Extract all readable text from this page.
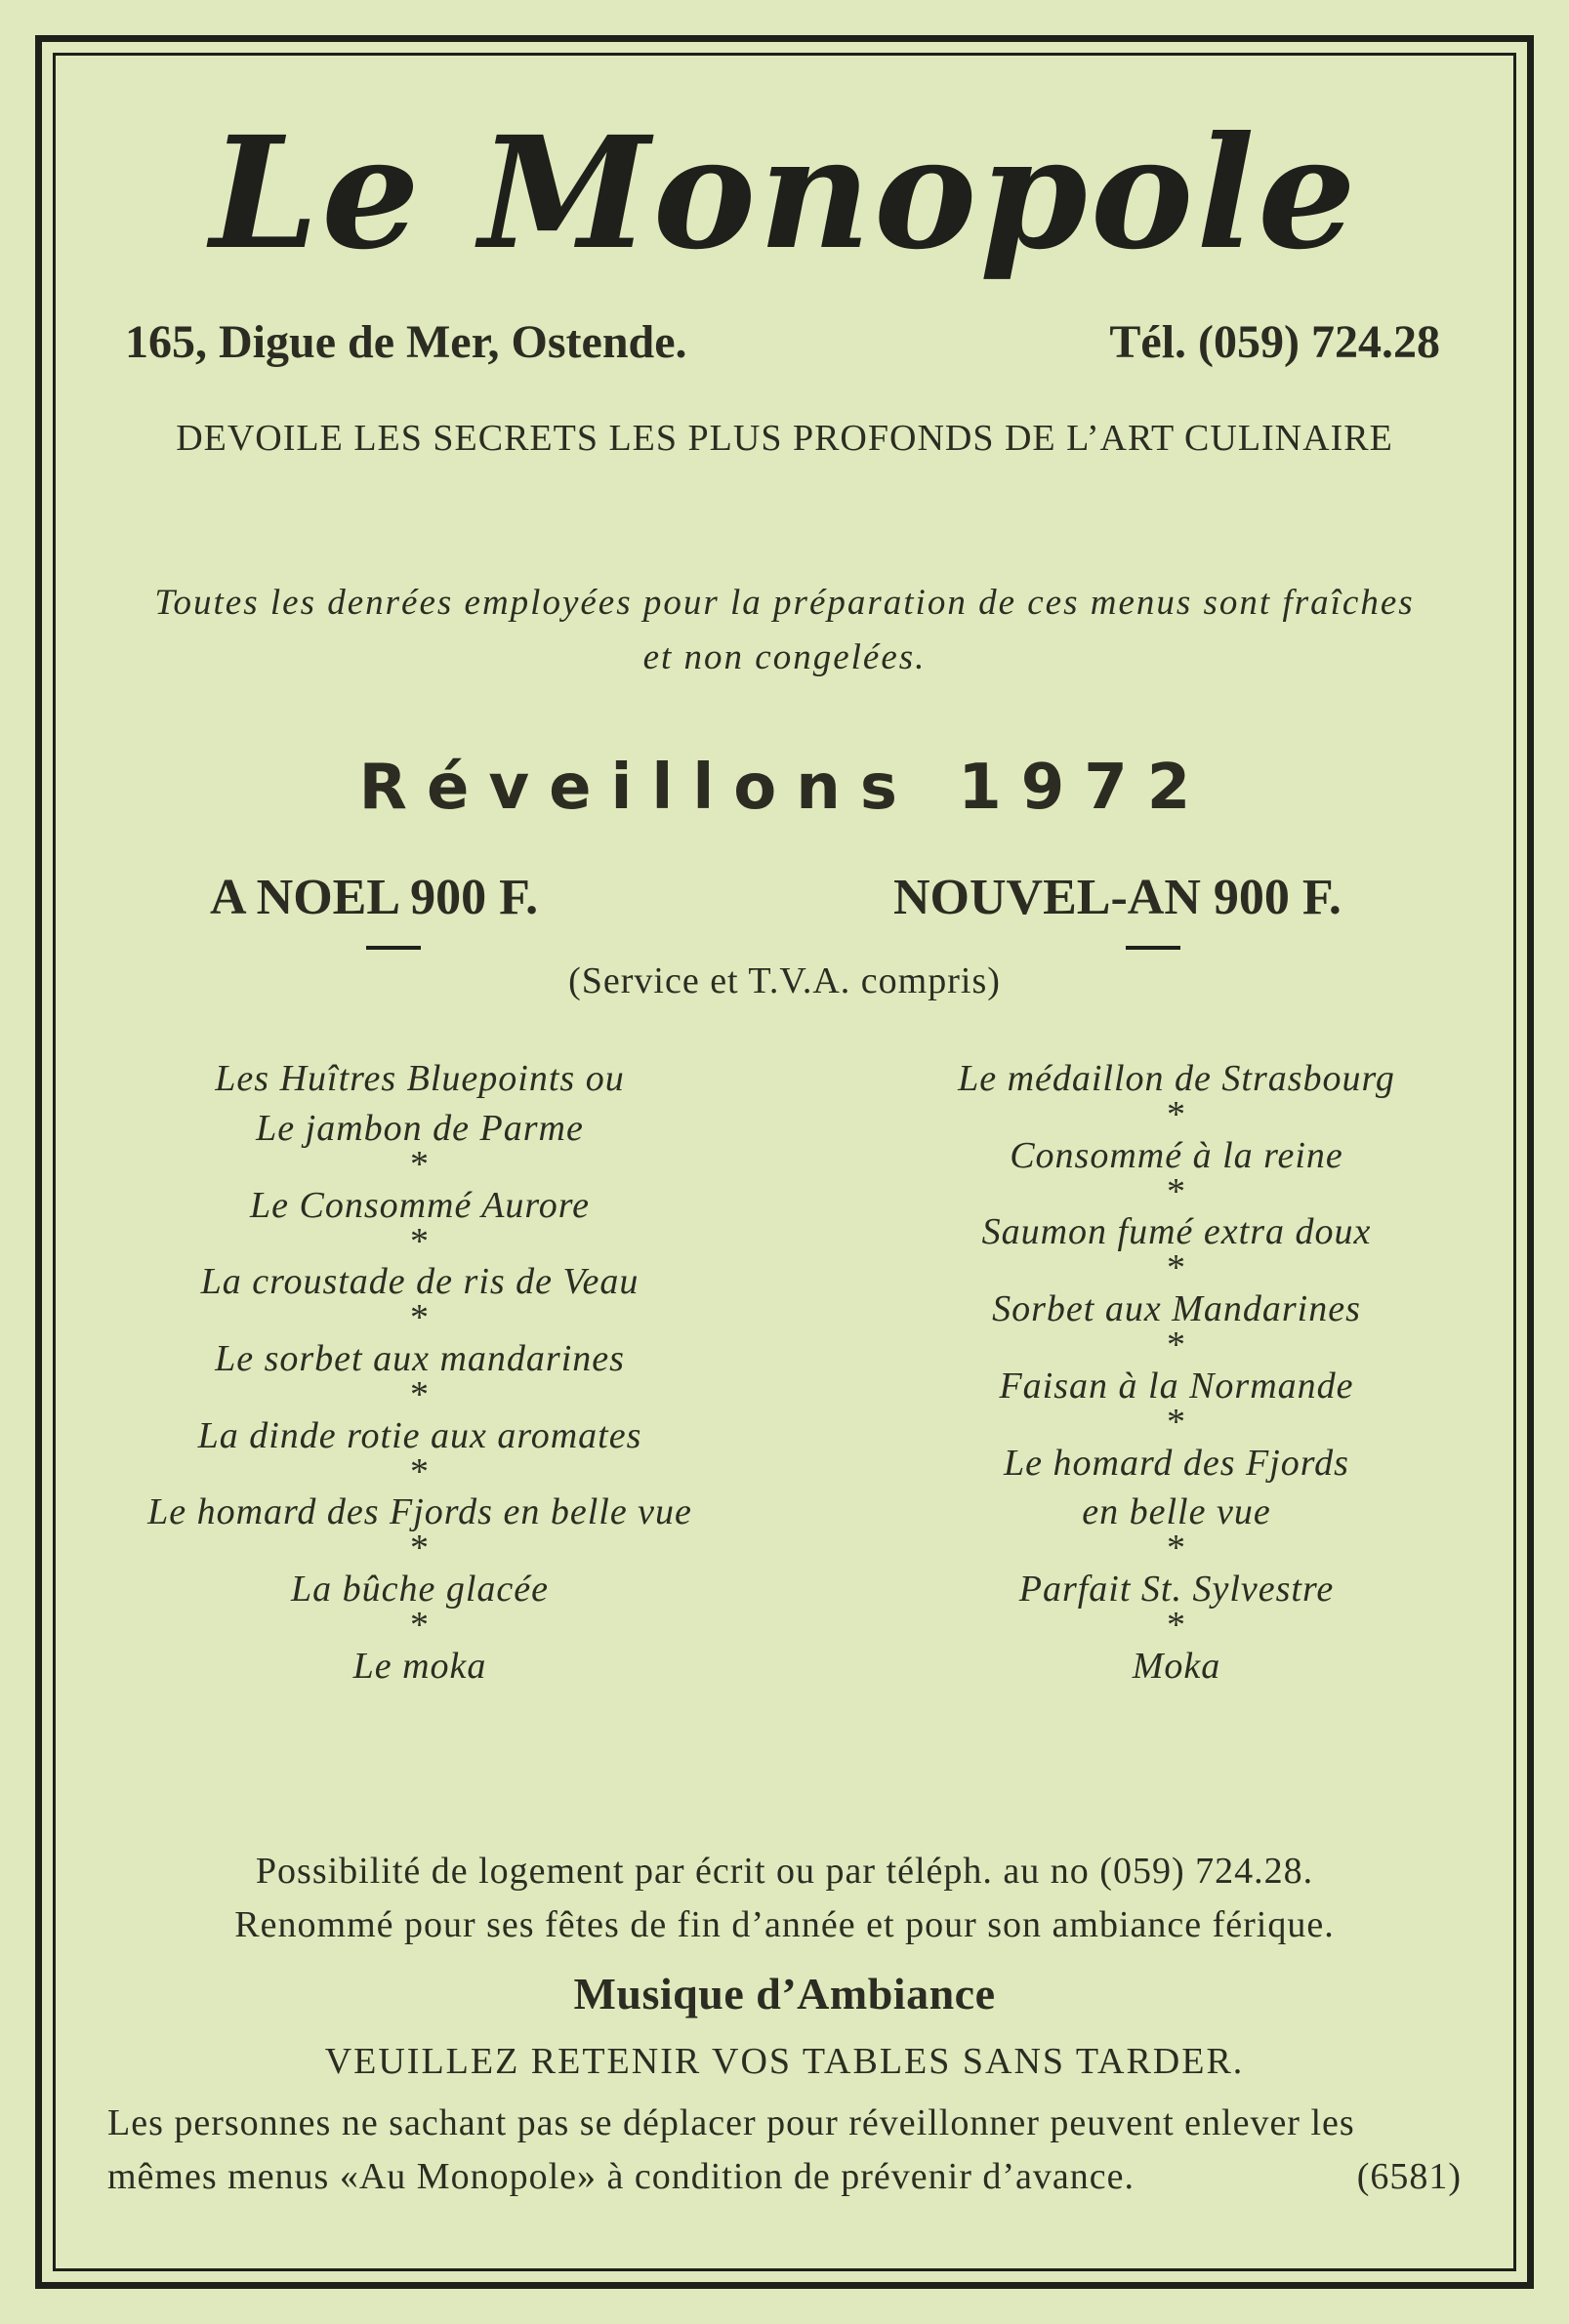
Le Monopole
165, Digue de Mer, Ostende.	Tél. (059) 724.28
DEVOILE LES SECRETS LES PLUS PROFONDS DE L’ART CULINAIRE
Toutes les denrées employées pour la préparation de ces menus sont fraîches et non congelées.
Réveillons 1972
A NOEL 900 F.	NOUVEL-AN 900 F.
(Service et T.V.A. compris)
Les Huîtres Bluepoints ou
Le jambon de Parme
*
Le Consommé Aurore
*
La croustade de ris de Veau
*
Le sorbet aux mandarines
*
La dinde rotie aux aromates
*
Le homard des Fjords en belle vue
*
La bûche glacée
*
Le moka
Le médaillon de Strasbourg
*
Consommé à la reine
*
Saumon fumé extra doux
*
Sorbet aux Mandarines
*
Faisan à la Normande
*
Le homard des Fjords
en belle vue
*
Parfait St. Sylvestre
*
Moka
Possibilité de logement par écrit ou par téléph. au no (059) 724.28.
Renommé pour ses fêtes de fin d’année et pour son ambiance férique.
Musique d’Ambiance
VEUILLEZ RETENIR VOS TABLES SANS TARDER.
Les personnes ne sachant pas se déplacer pour réveillonner peuvent enlever les mêmes menus «Au Monopole» à condition de prévenir d’avance.	(6581)
